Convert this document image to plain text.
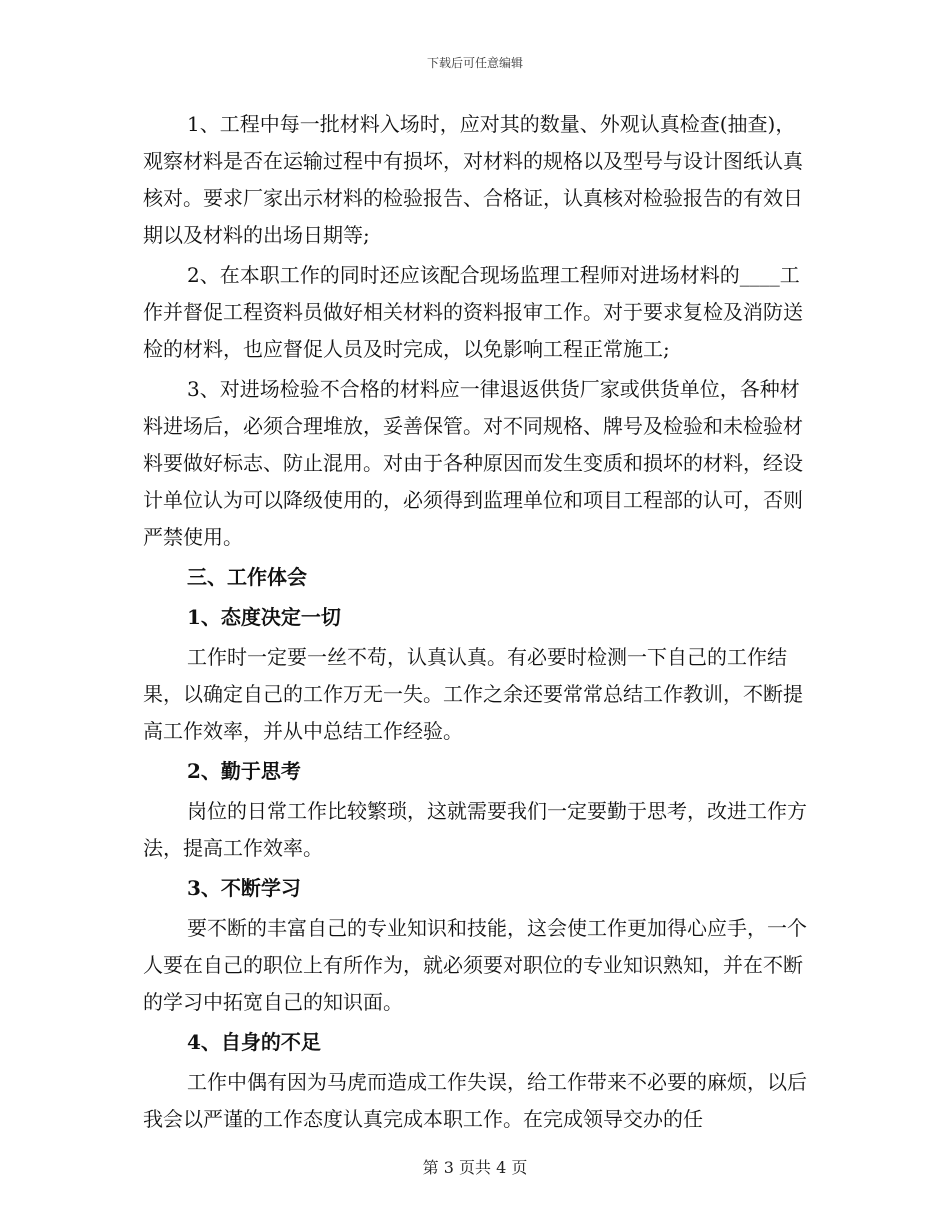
下载后可任意编辑

1、工程中每一批材料入场时，应对其的数量、外观认真检查(抽查)，观察材料是否在运输过程中有损坏，对材料的规格以及型号与设计图纸认真核对。要求厂家出示材料的检验报告、合格证，认真核对检验报告的有效日期以及材料的出场日期等;

2、在本职工作的同时还应该配合现场监理工程师对进场材料的____工作并督促工程资料员做好相关材料的资料报审工作。对于要求复检及消防送检的材料，也应督促人员及时完成，以免影响工程正常施工;

3、对进场检验不合格的材料应一律退返供货厂家或供货单位，各种材料进场后，必须合理堆放，妥善保管。对不同规格、牌号及检验和未检验材料要做好标志、防止混用。对由于各种原因而发生变质和损坏的材料，经设计单位认为可以降级使用的，必须得到监理单位和项目工程部的认可，否则严禁使用。

三、工作体会

1、态度决定一切

工作时一定要一丝不苟，认真认真。有必要时检测一下自己的工作结果，以确定自己的工作万无一失。工作之余还要常常总结工作教训，不断提高工作效率，并从中总结工作经验。

2、勤于思考

岗位的日常工作比较繁琐，这就需要我们一定要勤于思考，改进工作方法，提高工作效率。

3、不断学习

要不断的丰富自己的专业知识和技能，这会使工作更加得心应手，一个人要在自己的职位上有所作为，就必须要对职位的专业知识熟知，并在不断的学习中拓宽自己的知识面。

4、自身的不足

工作中偶有因为马虎而造成工作失误，给工作带来不必要的麻烦，以后我会以严谨的工作态度认真完成本职工作。在完成领导交办的任

第 3 页共 4 页
